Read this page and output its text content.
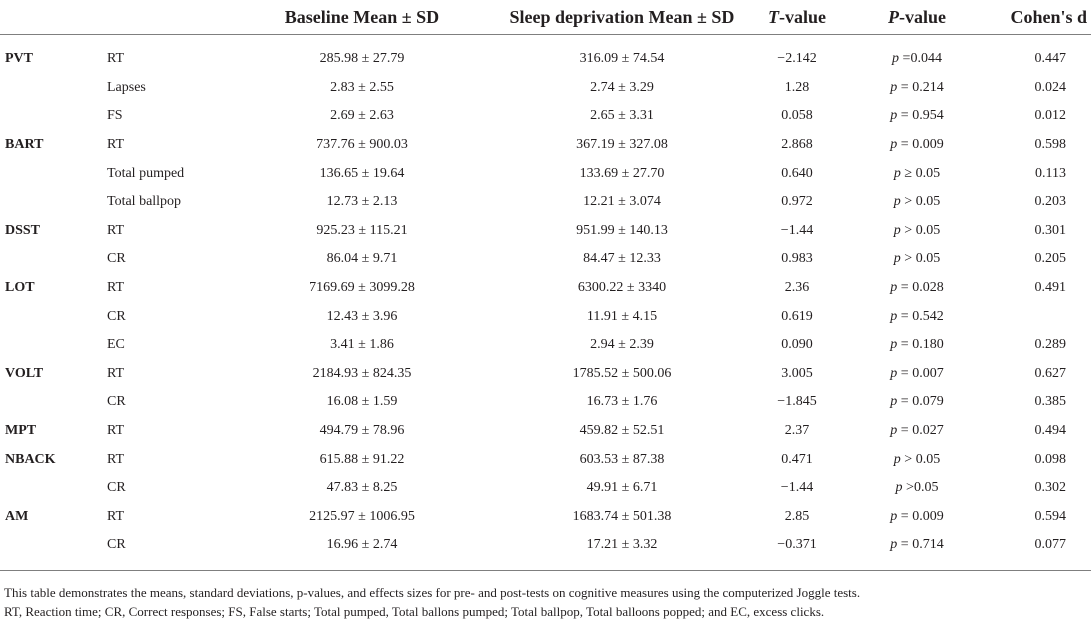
		Baseline Mean ± SD	Sleep deprivation Mean ± SD	T-value	P-value	Cohen's d

PVT	RT	285.98 ± 27.79	316.09 ± 74.54	−2.142	p =0.044	0.447
	Lapses	2.83 ± 2.55	2.74 ± 3.29	1.28	p = 0.214	0.024
	FS	2.69 ± 2.63	2.65 ± 3.31	0.058	p = 0.954	0.012
BART	RT	737.76 ± 900.03	367.19 ± 327.08	2.868	p = 0.009	0.598
	Total pumped	136.65 ± 19.64	133.69 ± 27.70	0.640	p ≥ 0.05	0.113
	Total ballpop	12.73 ± 2.13	12.21 ± 3.074	0.972	p > 0.05	0.203
DSST	RT	925.23 ± 115.21	951.99 ± 140.13	−1.44	p > 0.05	0.301
	CR	86.04 ± 9.71	84.47 ± 12.33	0.983	p > 0.05	0.205
LOT	RT	7169.69 ± 3099.28	6300.22 ± 3340	2.36	p = 0.028	0.491
	CR	12.43 ± 3.96	11.91 ± 4.15	0.619	p = 0.542	
	EC	3.41 ± 1.86	2.94 ± 2.39	0.090	p = 0.180	0.289
VOLT	RT	2184.93 ± 824.35	1785.52 ± 500.06	3.005	p = 0.007	0.627
	CR	16.08 ± 1.59	16.73 ± 1.76	−1.845	p = 0.079	0.385
MPT	RT	494.79 ± 78.96	459.82 ± 52.51	2.37	p = 0.027	0.494
NBACK	RT	615.88 ± 91.22	603.53 ± 87.38	0.471	p > 0.05	0.098
	CR	47.83 ± 8.25	49.91 ± 6.71	−1.44	p >0.05	0.302
AM	RT	2125.97 ± 1006.95	1683.74 ± 501.38	2.85	p = 0.009	0.594
	CR	16.96 ± 2.74	17.21 ± 3.32	−0.371	p = 0.714	0.077
This table demonstrates the means, standard deviations, p-values, and effects sizes for pre- and post-tests on cognitive measures using the computerized Joggle tests.
RT, Reaction time; CR, Correct responses; FS, False starts; Total pumped, Total ballons pumped; Total ballpop, Total balloons popped; and EC, excess clicks.
